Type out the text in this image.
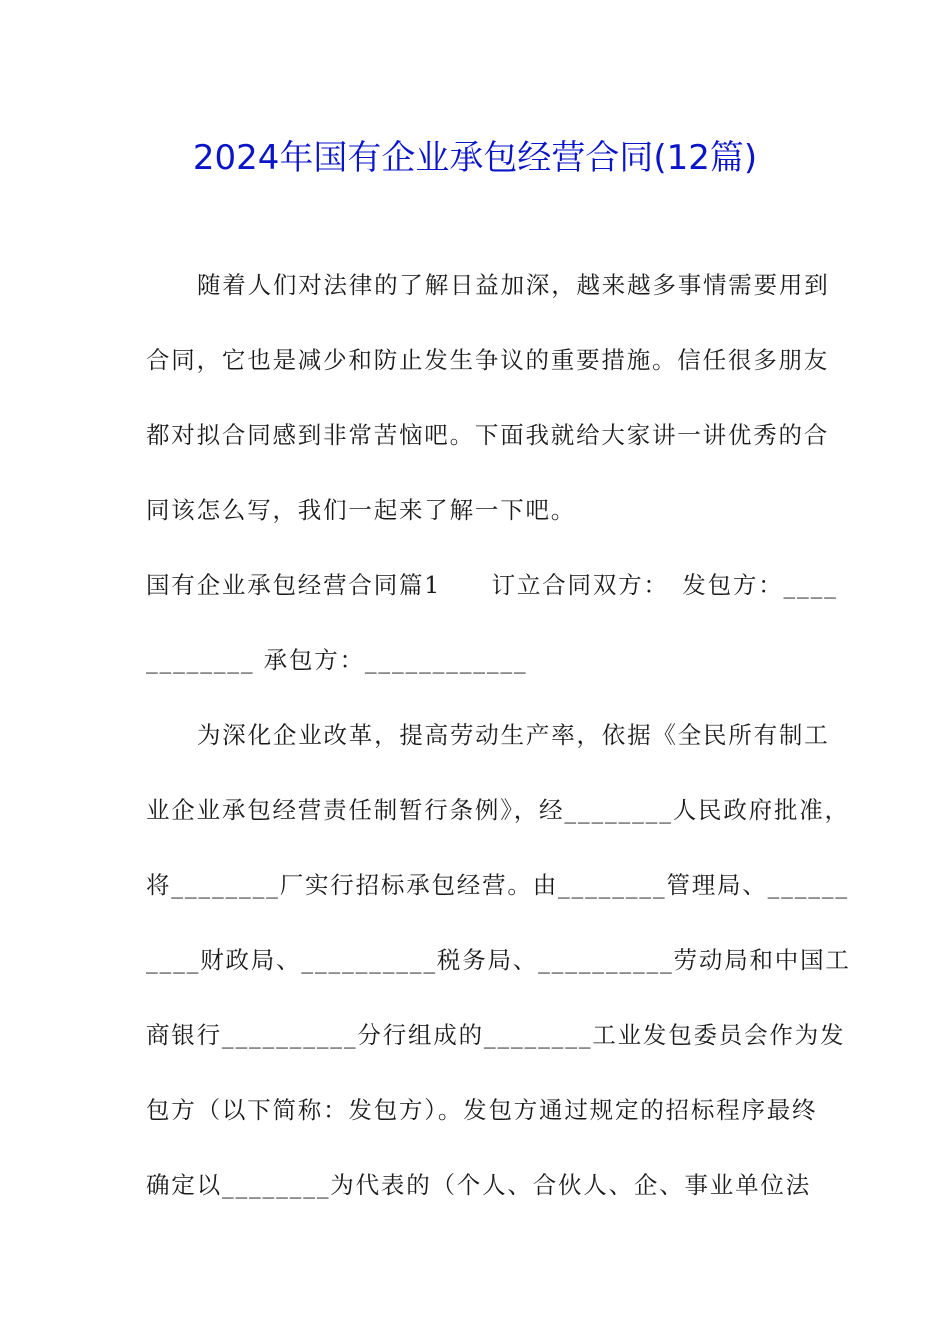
2024年国有企业承包经营合同(12篇)
随着人们对法律的了解日益加深，越来越多事情需要用到
合同，它也是减少和防止发生争议的重要措施。信任很多朋友
都对拟合同感到非常苦恼吧。下面我就给大家讲一讲优秀的合
同该怎么写，我们一起来了解一下吧。
国有企业承包经营合同篇1　　订立合同双方：　发包方：____
________ 承包方：____________
为深化企业改革，提高劳动生产率，依据《全民所有制工
业企业承包经营责任制暂行条例》，经________人民政府批准，
将________厂实行招标承包经营。由________管理局、______
____财政局、__________税务局、__________劳动局和中国工
商银行__________分行组成的________工业发包委员会作为发
包方（以下简称：发包方）。发包方通过规定的招标程序最终
确定以________为代表的（个人、合伙人、企、事业单位法
